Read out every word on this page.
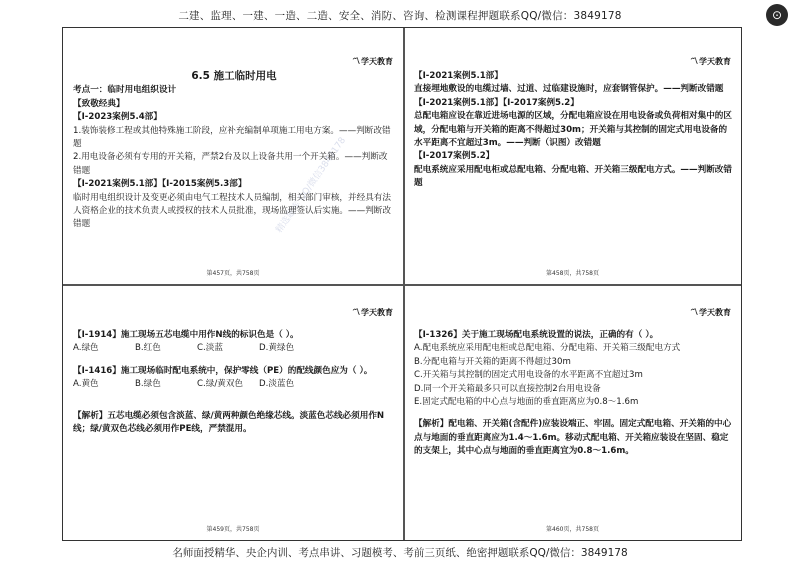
二建、监理、一建、一造、二造、安全、消防、咨询、检测课程押题联系QQ/微信：3849178	⊙
〽学天教育
精选题库 QQ/微信3849178

6.5 施工临时用电

考点一：临时用电组织设计

【致敬经典】

【Ⅰ-2023案例5.4部】

1.装饰装修工程或其他特殊施工阶段，应补充编制单项施工用电方案。——判断改错题

2.用电设备必须有专用的开关箱，严禁2台及以上设备共用一个开关箱。——判断改错题

【Ⅰ-2021案例5.1部】【Ⅰ-2015案例5.3部】

临时用电组织设计及变更必须由电气工程技术人员编制，相关部门审核，并经具有法人资格企业的技术负责人或授权的技术人员批准，现场监理签认后实施。——判断改错题

第457页，共758页
〽学天教育

【Ⅰ-2021案例5.1部】

直接埋地敷设的电缆过墙、过道、过临建设施时，应套钢管保护。——判断改错题

【Ⅰ-2021案例5.1部】【Ⅰ-2017案例5.2】

总配电箱应设在靠近进场电源的区域，分配电箱应设在用电设备或负荷相对集中的区域，分配电箱与开关箱的距离不得超过30m；开关箱与其控制的固定式用电设备的水平距离不宜超过3m。——判断（识图）改错题

【Ⅰ-2017案例5.2】

配电系统应采用配电柜或总配电箱、分配电箱、开关箱三级配电方式。——判断改错题

第458页，共758页
〽学天教育

【Ⅰ-1914】施工现场五芯电缆中用作N线的标识色是（ ）。

A.绿色	B.红色	C.淡蓝	D.黄绿色

【Ⅰ-1416】施工现场临时配电系统中，保护零线（PE）的配线颜色应为（ ）。

A.黄色	B.绿色	C.绿/黄双色	D.淡蓝色

【解析】五芯电缆必须包含淡蓝、绿/黄两种颜色绝缘芯线。淡蓝色芯线必须用作N线；绿/黄双色芯线必须用作PE线，严禁混用。

第459页，共758页
〽学天教育

【Ⅰ-1326】关于施工现场配电系统设置的说法，正确的有（ ）。

A.配电系统应采用配电柜或总配电箱、分配电箱、开关箱三级配电方式

B.分配电箱与开关箱的距离不得超过30m

C.开关箱与其控制的固定式用电设备的水平距离不宜超过3m

D.同一个开关箱最多只可以直接控制2台用电设备

E.固定式配电箱的中心点与地面的垂直距离应为0.8～1.6m

【解析】配电箱、开关箱(含配件)应装设端正、牢固。固定式配电箱、开关箱的中心点与地面的垂直距离应为1.4～1.6m。移动式配电箱、开关箱应装设在坚固、稳定的支架上，其中心点与地面的垂直距离宜为0.8～1.6m。

第460页，共758页
名师面授精华、央企内训、考点串讲、习题模考、考前三页纸、绝密押题联系QQ/微信：3849178
